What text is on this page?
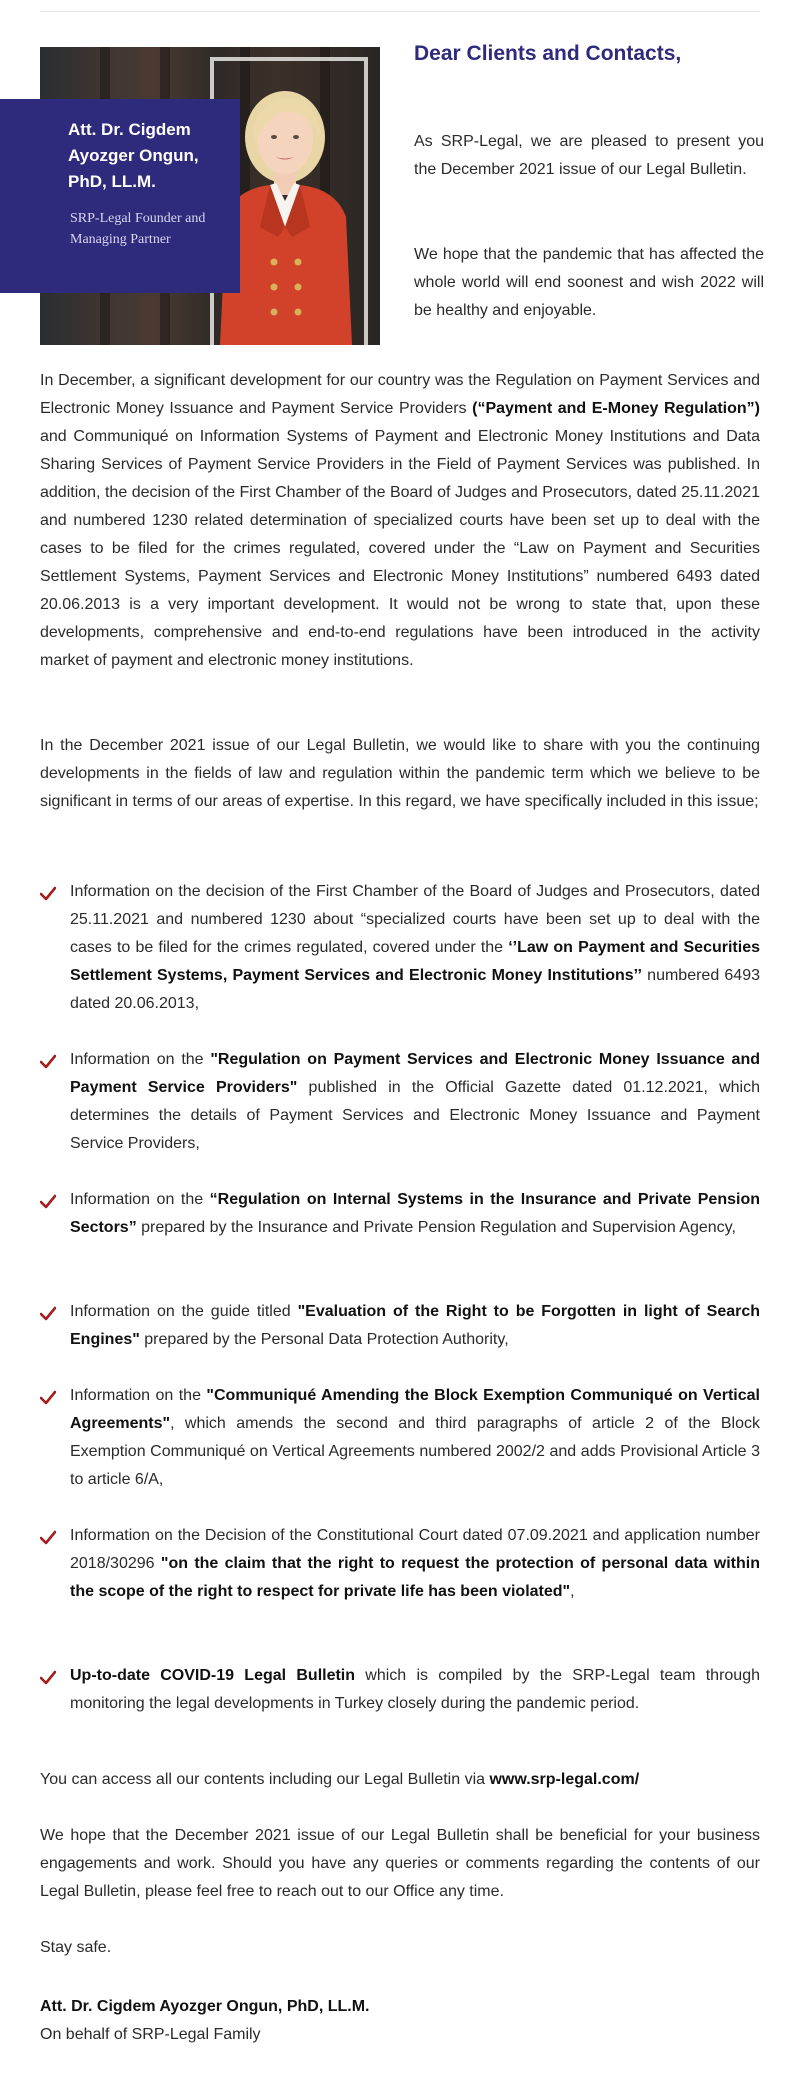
Att. Dr. Cigdem Ayozger Ongun, PhD, LL.M.
SRP-Legal Founder and Managing Partner
Dear Clients and Contacts,
As SRP-Legal, we are pleased to present you the December 2021 issue of our Legal Bulletin.
We hope that the pandemic that has affected the whole world will end soonest and wish 2022 will be healthy and enjoyable.

In December, a significant development for our country was the Regulation on Payment Services and Electronic Money Issuance and Payment Service Providers (“Payment and E-Money Regulation”) and Communiqué on Information Systems of Payment and Electronic Money Institutions and Data Sharing Services of Payment Service Providers in the Field of Payment Services was published. In addition, the decision of the First Chamber of the Board of Judges and Prosecutors, dated 25.11.2021 and numbered 1230 related determination of specialized courts have been set up to deal with the cases to be filed for the crimes regulated, covered under the “Law on Payment and Securities Settlement Systems, Payment Services and Electronic Money Institutions” numbered 6493 dated 20.06.2013 is a very important development. It would not be wrong to state that, upon these developments, comprehensive and end-to-end regulations have been introduced in the activity market of payment and electronic money institutions.

In the December 2021 issue of our Legal Bulletin, we would like to share with you the continuing developments in the fields of law and regulation within the pandemic term which we believe to be significant in terms of our areas of expertise. In this regard, we have specifically included in this issue;

Information on the decision of the First Chamber of the Board of Judges and Prosecutors, dated 25.11.2021 and numbered 1230 about “specialized courts have been set up to deal with the cases to be filed for the crimes regulated, covered under the ‘’Law on Payment and Securities Settlement Systems, Payment Services and Electronic Money Institutions’’ numbered 6493 dated 20.06.2013,
Information on the "Regulation on Payment Services and Electronic Money Issuance and Payment Service Providers" published in the Official Gazette dated 01.12.2021, which determines the details of Payment Services and Electronic Money Issuance and Payment Service Providers,
Information on the “Regulation on Internal Systems in the Insurance and Private Pension Sectors” prepared by the Insurance and Private Pension Regulation and Supervision Agency,
Information on the guide titled "Evaluation of the Right to be Forgotten in light of Search Engines" prepared by the Personal Data Protection Authority,
Information on the "Communiqué Amending the Block Exemption Communiqué on Vertical Agreements", which amends the second and third paragraphs of article 2 of the Block Exemption Communiqué on Vertical Agreements numbered 2002/2 and adds Provisional Article 3 to article 6/A,
Information on the Decision of the Constitutional Court dated 07.09.2021 and application number 2018/30296 "on the claim that the right to request the protection of personal data within the scope of the right to respect for private life has been violated",
Up-to-date COVID-19 Legal Bulletin which is compiled by the SRP-Legal team through monitoring the legal developments in Turkey closely during the pandemic period.

You can access all our contents including our Legal Bulletin via www.srp-legal.com/

We hope that the December 2021 issue of our Legal Bulletin shall be beneficial for your business engagements and work. Should you have any queries or comments regarding the contents of our Legal Bulletin, please feel free to reach out to our Office any time.

Stay safe.

Att. Dr. Cigdem Ayozger Ongun, PhD, LL.M.
On behalf of SRP-Legal Family
